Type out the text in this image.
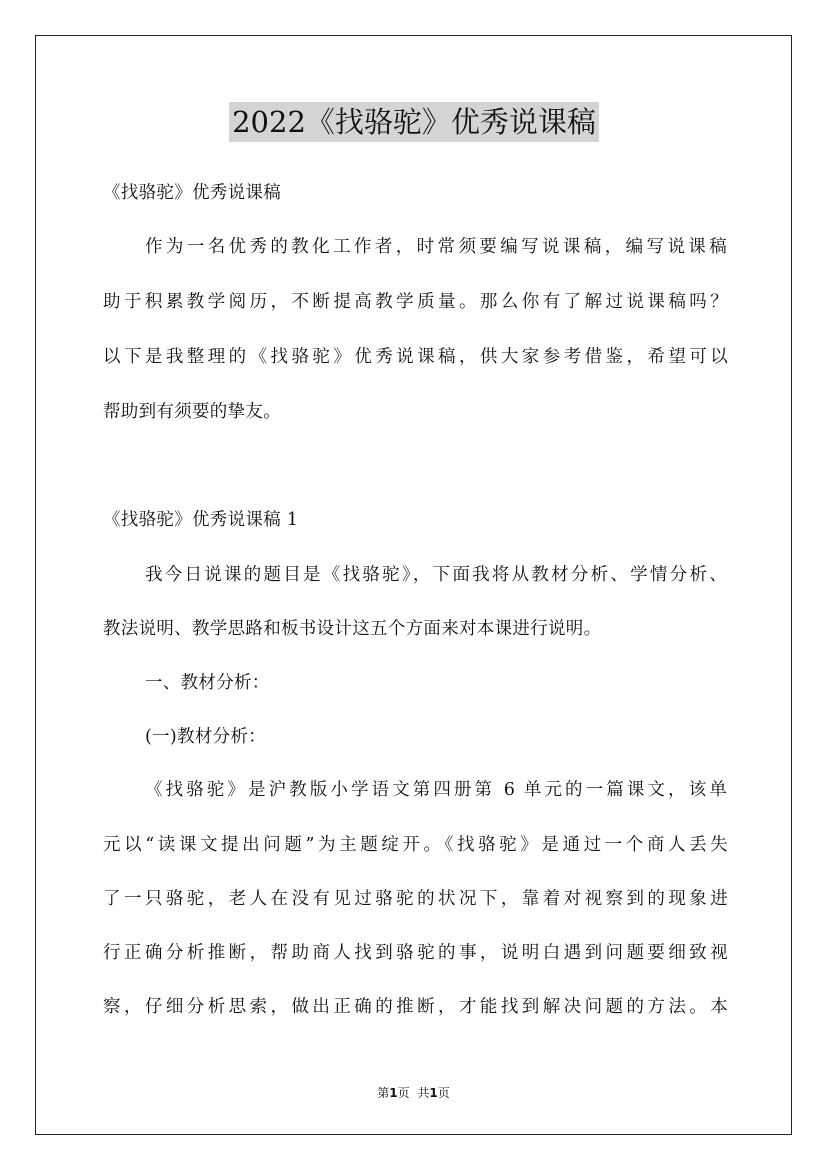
2022《找骆驼》优秀说课稿
《找骆驼》优秀说课稿
作为一名优秀的教化工作者，时常须要编写说课稿，编写说课稿
助于积累教学阅历，不断提高教学质量。那么你有了解过说课稿吗？
以下是我整理的《找骆驼》优秀说课稿，供大家参考借鉴，希望可以
帮助到有须要的挚友。
《找骆驼》优秀说课稿 1
我今日说课的题目是《找骆驼》，下面我将从教材分析、学情分析、
教法说明、教学思路和板书设计这五个方面来对本课进行说明。
一、教材分析：
(一)教材分析：
《找骆驼》是沪教版小学语文第四册第 6 单元的一篇课文，该单
元以“读课文提出问题”为主题绽开。《找骆驼》是通过一个商人丢失
了一只骆驼，老人在没有见过骆驼的状况下，靠着对视察到的现象进
行正确分析推断，帮助商人找到骆驼的事，说明白遇到问题要细致视
察，仔细分析思索，做出正确的推断，才能找到解决问题的方法。本
第1页 共1页
